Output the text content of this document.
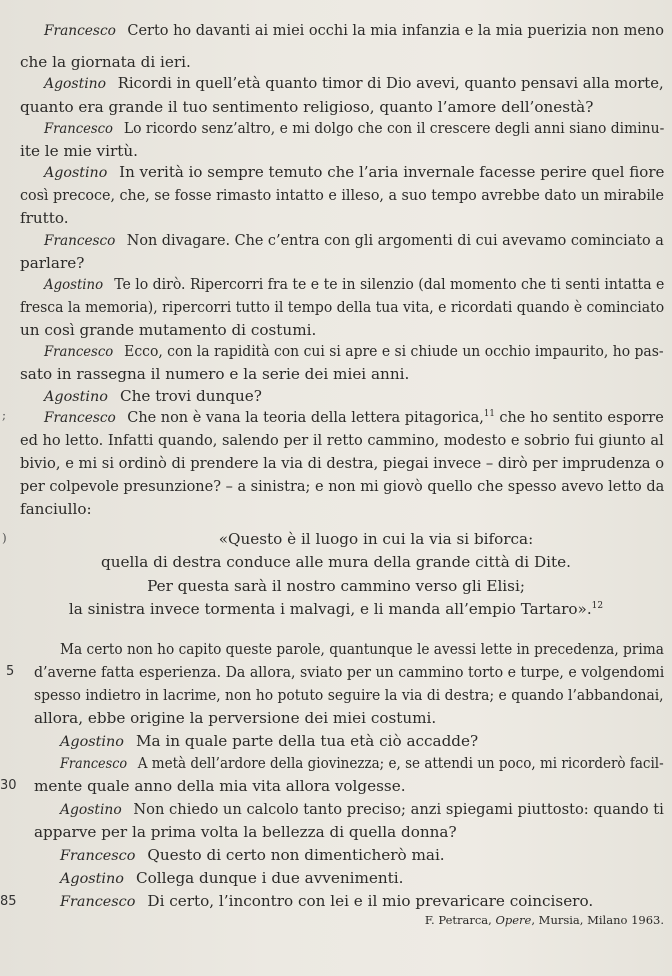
Francesco Certo ho davanti ai miei occhi la mia infanzia e la mia puerizia non meno
che la giornata di ieri.
Agostino Ricordi in quell’età quanto timor di Dio avevi, quanto pensavi alla morte,
quanto era grande il tuo sentimento religioso, quanto l’amore dell’onestà?
Francesco Lo ricordo senz’altro, e mi dolgo che con il crescere degli anni siano diminu-
ite le mie virtù.
Agostino In verità io sempre temuto che l’aria invernale facesse perire quel fiore
così precoce, che, se fosse rimasto intatto e illeso, a suo tempo avrebbe dato un mirabile
frutto.
Francesco Non divagare. Che c’entra con gli argomenti di cui avevamo cominciato a
parlare?
Agostino Te lo dirò. Ripercorri fra te e te in silenzio (dal momento che ti senti intatta e
fresca la memoria), ripercorri tutto il tempo della tua vita, e ricordati quando è cominciato
un così grande mutamento di costumi.
Francesco Ecco, con la rapidità con cui si apre e si chiude un occhio impaurito, ho pas-
sato in rassegna il numero e la serie dei miei anni.
Agostino Che trovi dunque?
;	Francesco Che non è vana la teoria della lettera pitagorica,$^{11}$ che ho sentito esporre
ed ho letto. Infatti quando, salendo per il retto cammino, modesto e sobrio fui giunto al
bivio, e mi si ordinò di prendere la via di destra, piegai invece – dirò per imprudenza o
per colpevole presunzione? – a sinistra; e non mi giovò quello che spesso avevo letto da
fanciullo:
)	«Questo è il luogo in cui la via si biforca:
quella di destra conduce alle mura della grande città di Dite.
Per questa sarà il nostro cammino verso gli Elisi;
la sinistra invece tormenta i malvagi, e li manda all’empio Tartaro».$^{12}$
Ma certo non ho capito queste parole, quantunque le avessi lette in precedenza, prima
5 d’averne fatta esperienza. Da allora, sviato per un cammino torto e turpe, e volgendomi
spesso indietro in lacrime, non ho potuto seguire la via di destra; e quando l’abbandonai,
allora, ebbe origine la perversione dei miei costumi.
Agostino Ma in quale parte della tua età ciò accadde?
Francesco A metà dell’ardore della giovinezza; e, se attendi un poco, mi ricorderò facil-
30 mente quale anno della mia vita allora volgesse.
Agostino Non chiedo un calcolo tanto preciso; anzi spiegami piuttosto: quando ti
apparve per la prima volta la bellezza di quella donna?
Francesco Questo di certo non dimenticherò mai.
Agostino Collega dunque i due avvenimenti.
85	Francesco Di certo, l’incontro con lei e il mio prevaricare coincisero.
F. Petrarca, Opere, Mursia, Milano 1963.
